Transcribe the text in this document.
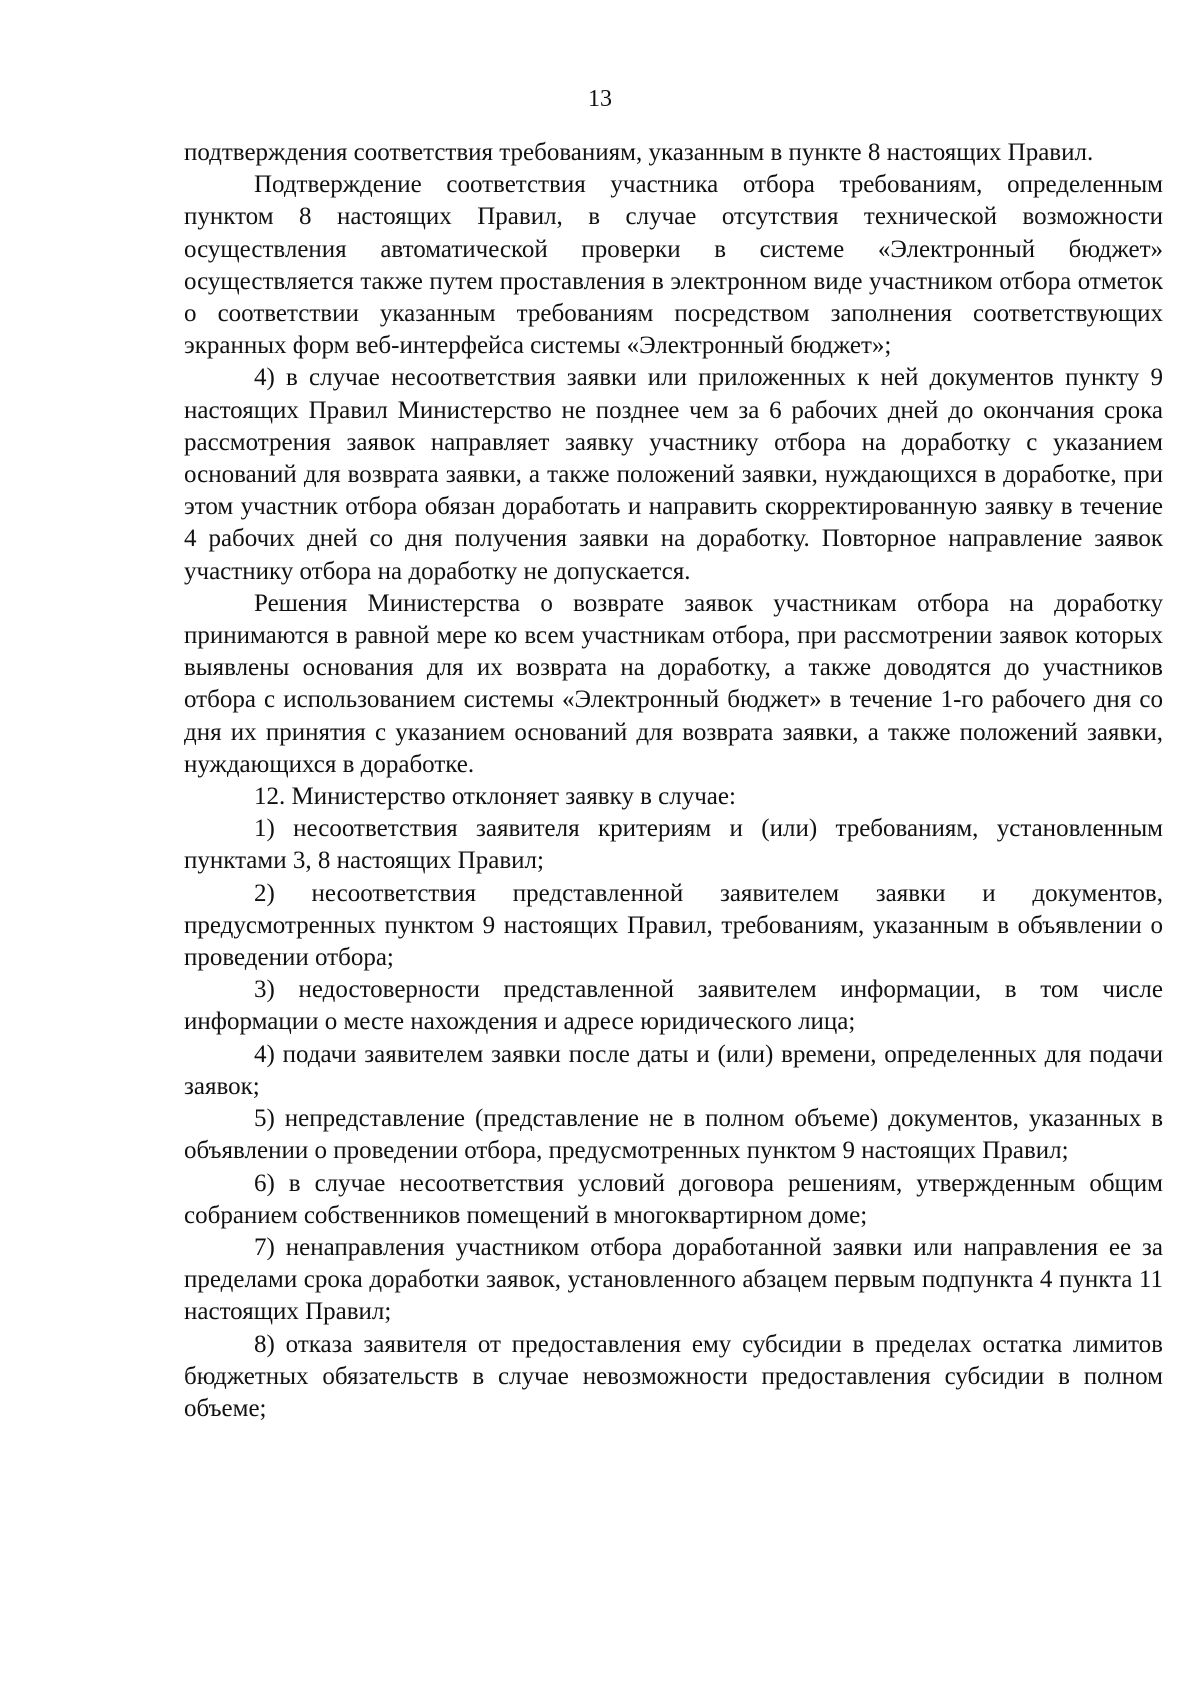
13

подтверждения соответствия требованиям, указанным в пункте 8 настоящих Правил.

Подтверждение соответствия участника отбора требованиям, определенным пунктом 8 настоящих Правил, в случае отсутствия технической возможности осуществления автоматической проверки в системе «Электронный бюджет» осуществляется также путем проставления в электронном виде участником отбора отметок о соответствии указанным требованиям посредством заполнения соответствующих экранных форм веб-интерфейса системы «Электронный бюджет»;

4) в случае несоответствия заявки или приложенных к ней документов пункту 9 настоящих Правил Министерство не позднее чем за 6 рабочих дней до окончания срока рассмотрения заявок направляет заявку участнику отбора на доработку с указанием оснований для возврата заявки, а также положений заявки, нуждающихся в доработке, при этом участник отбора обязан доработать и направить скорректированную заявку в течение 4 рабочих дней со дня получения заявки на доработку. Повторное направление заявок участнику отбора на доработку не допускается.

Решения Министерства о возврате заявок участникам отбора на доработку принимаются в равной мере ко всем участникам отбора, при рассмотрении заявок которых выявлены основания для их возврата на доработку, а также доводятся до участников отбора с использованием системы «Электронный бюджет» в течение 1-го рабочего дня со дня их принятия с указанием оснований для возврата заявки, а также положений заявки, нуждающихся в доработке.

12. Министерство отклоняет заявку в случае:

1) несоответствия заявителя критериям и (или) требованиям, установленным пунктами 3, 8 настоящих Правил;

2) несоответствия представленной заявителем заявки и документов, предусмотренных пунктом 9 настоящих Правил, требованиям, указанным в объявлении о проведении отбора;

3) недостоверности представленной заявителем информации, в том числе информации о месте нахождения и адресе юридического лица;

4) подачи заявителем заявки после даты и (или) времени, определенных для подачи заявок;

5) непредставление (представление не в полном объеме) документов, указанных в объявлении о проведении отбора, предусмотренных пунктом 9 настоящих Правил;

6) в случае несоответствия условий договора решениям, утвержденным общим собранием собственников помещений в многоквартирном доме;

7) ненаправления участником отбора доработанной заявки или направления ее за пределами срока доработки заявок, установленного абзацем первым подпункта 4 пункта 11 настоящих Правил;

8) отказа заявителя от предоставления ему субсидии в пределах остатка лимитов бюджетных обязательств в случае невозможности предоставления субсидии в полном объеме;
